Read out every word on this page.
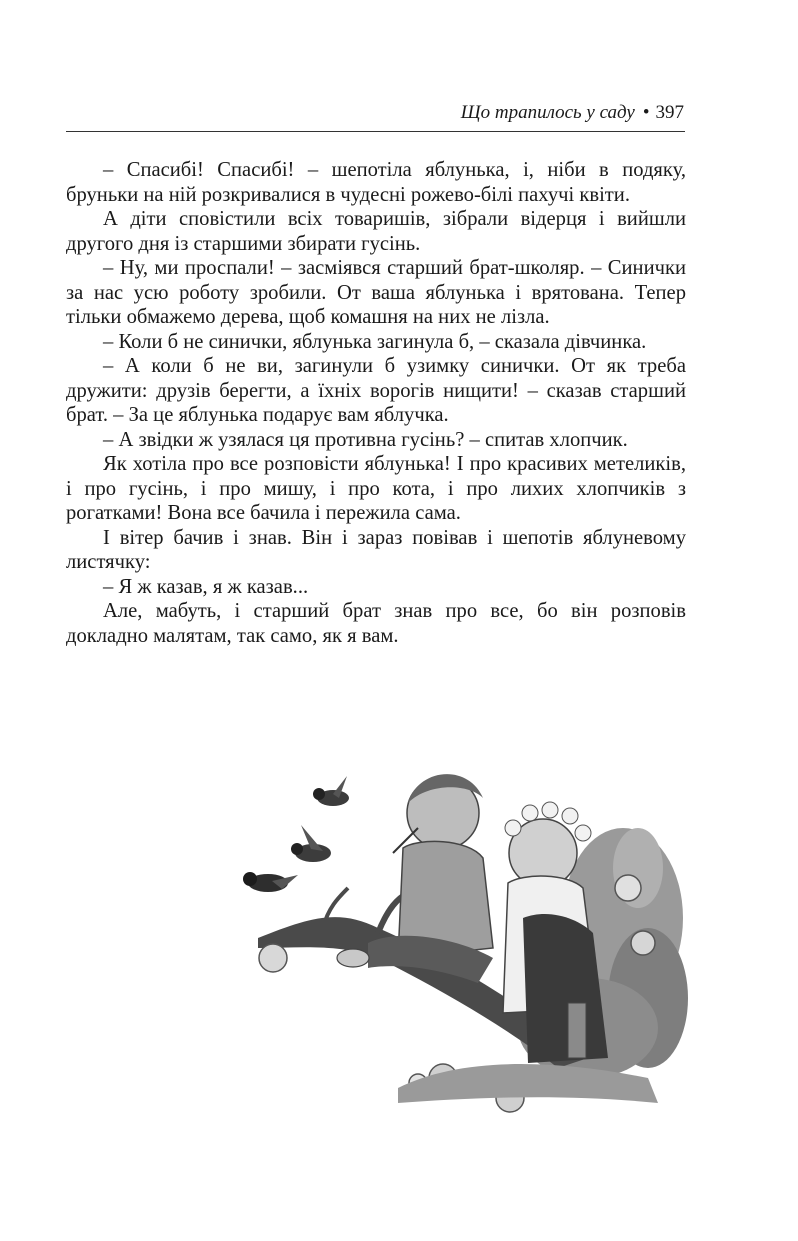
Що трапилось у саду • 397

– Спасибі! Спасибі! – шепотіла яблунька, і, ніби в подяку, бруньки на ній розкривалися в чудесні рожево-білі пахучі квіти.

А діти сповістили всіх товаришів, зібрали відерця і вийшли другого дня із старшими збирати гусінь.

– Ну, ми проспали! – засміявся старший брат-школяр. – Синички за нас усю роботу зробили. От ваша яблунька і врятована. Тепер тільки обмажемо дерева, щоб комашня на них не лізла.

– Коли б не синички, яблунька загинула б, – сказала дівчинка.

– А коли б не ви, загинули б узимку синички. От як треба дружити: друзів берегти, а їхніх ворогів нищити! – сказав старший брат. – За це яблунька подарує вам яблучка.

– А звідки ж узялася ця противна гусінь? – спитав хлопчик.

Як хотіла про все розповісти яблунька! І про красивих метеликів, і про гусінь, і про мишу, і про кота, і про лихих хлопчиків з рогатками! Вона все бачила і пережила сама.

І вітер бачив і знав. Він і зараз повівав і шепотів яблуневому листячку:

– Я ж казав, я ж казав...

Але, мабуть, і старший брат знав про все, бо він розповів докладно малятам, так само, як я вам.
